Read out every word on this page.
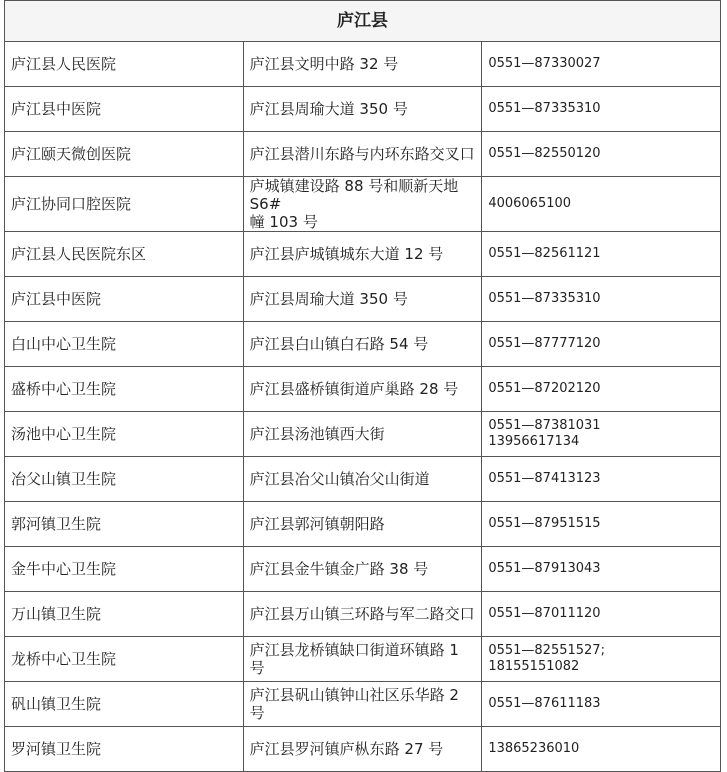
庐江县		
庐江县人民医院	庐江县文明中路 32 号	0551—87330027

庐江县中医院	庐江县周瑜大道 350 号	0551—87335310

庐江颐天微创医院	庐江县潜川东路与内环东路交叉口	0551—82550120

庐江协同口腔医院	庐城镇建设路 88 号和顺新天地 S6#
幢 103 号	4006065100

庐江县人民医院东区	庐江县庐城镇城东大道 12 号	0551—82561121

庐江县中医院	庐江县周瑜大道 350 号	0551—87335310

白山中心卫生院	庐江县白山镇白石路 54 号	0551—87777120

盛桥中心卫生院	庐江县盛桥镇街道庐巢路 28 号	0551—87202120

汤池中心卫生院	庐江县汤池镇西大街	0551—87381031
13956617134

冶父山镇卫生院	庐江县冶父山镇冶父山街道	0551—87413123

郭河镇卫生院	庐江县郭河镇朝阳路	0551—87951515

金牛中心卫生院	庐江县金牛镇金广路 38 号	0551—87913043

万山镇卫生院	庐江县万山镇三环路与军二路交口	0551—87011120

龙桥中心卫生院	庐江县龙桥镇缺口街道环镇路 1 号	0551—82551527;
18155151082

矾山镇卫生院	庐江县矾山镇钟山社区乐华路 2 号	0551—87611183

罗河镇卫生院	庐江县罗河镇庐枞东路 27 号	13865236010
